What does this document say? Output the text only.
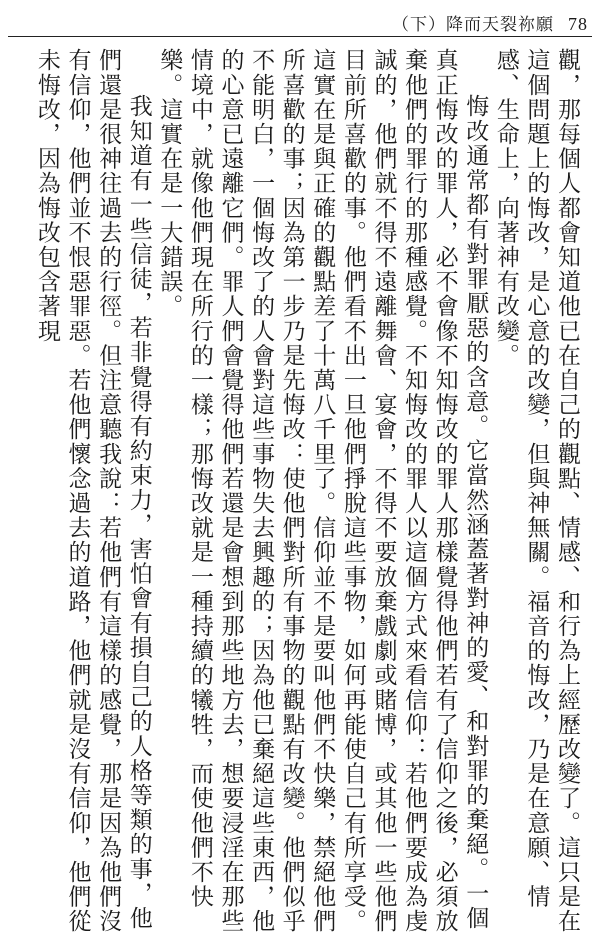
（下）降而天裂祢願 78

觀，那每個人都會知道他已在自己的觀點、情感、和行為上經歷改變了。這只是在這個問題上的悔改，是心意的改變，但與神無關。福音的悔改，乃是在意願、情感、生命上，向著神有改變。

悔改通常都有對罪厭惡的含意。它當然涵蓋著對神的愛、和對罪的棄絕。一個真正悔改的罪人，必不會像不知悔改的罪人那樣覺得他們若有了信仰之後，必須放棄他們的罪行的那種感覺。不知悔改的罪人以這個方式來看信仰：若他們要成為虔誠的，他們就不得不遠離舞會、宴會，不得不要放棄戲劇或賭博，或其他一些他們目前所喜歡的事。他們看不出一旦他們掙脫這些事物，如何再能使自己有所享受。這實在是與正確的觀點差了十萬八千里了。信仰並不是要叫他們不快樂，禁絕他們所喜歡的事；因為第一步乃是先悔改：使他們對所有事物的觀點有改變。他們似乎不能明白，一個悔改了的人會對這些事物失去興趣的；因為他已棄絕這些東西，他的心意已遠離它們。罪人們會覺得他們若還是會想到那些地方去，想要浸淫在那些情境中，就像他們現在所行的一樣；那悔改就是一種持續的犧牲，而使他們不快樂。這實在是一大錯誤。

我知道有一些信徒，若非覺得有約束力，害怕會有損自己的人格等類的事，他們還是很神往過去的行徑。但注意聽我說：若他們有這樣的感覺，那是因為他們沒有信仰，他們並不恨惡罪惡。若他們懷念過去的道路，他們就是沒有信仰，他們從未悔改，因為悔改包含著現
